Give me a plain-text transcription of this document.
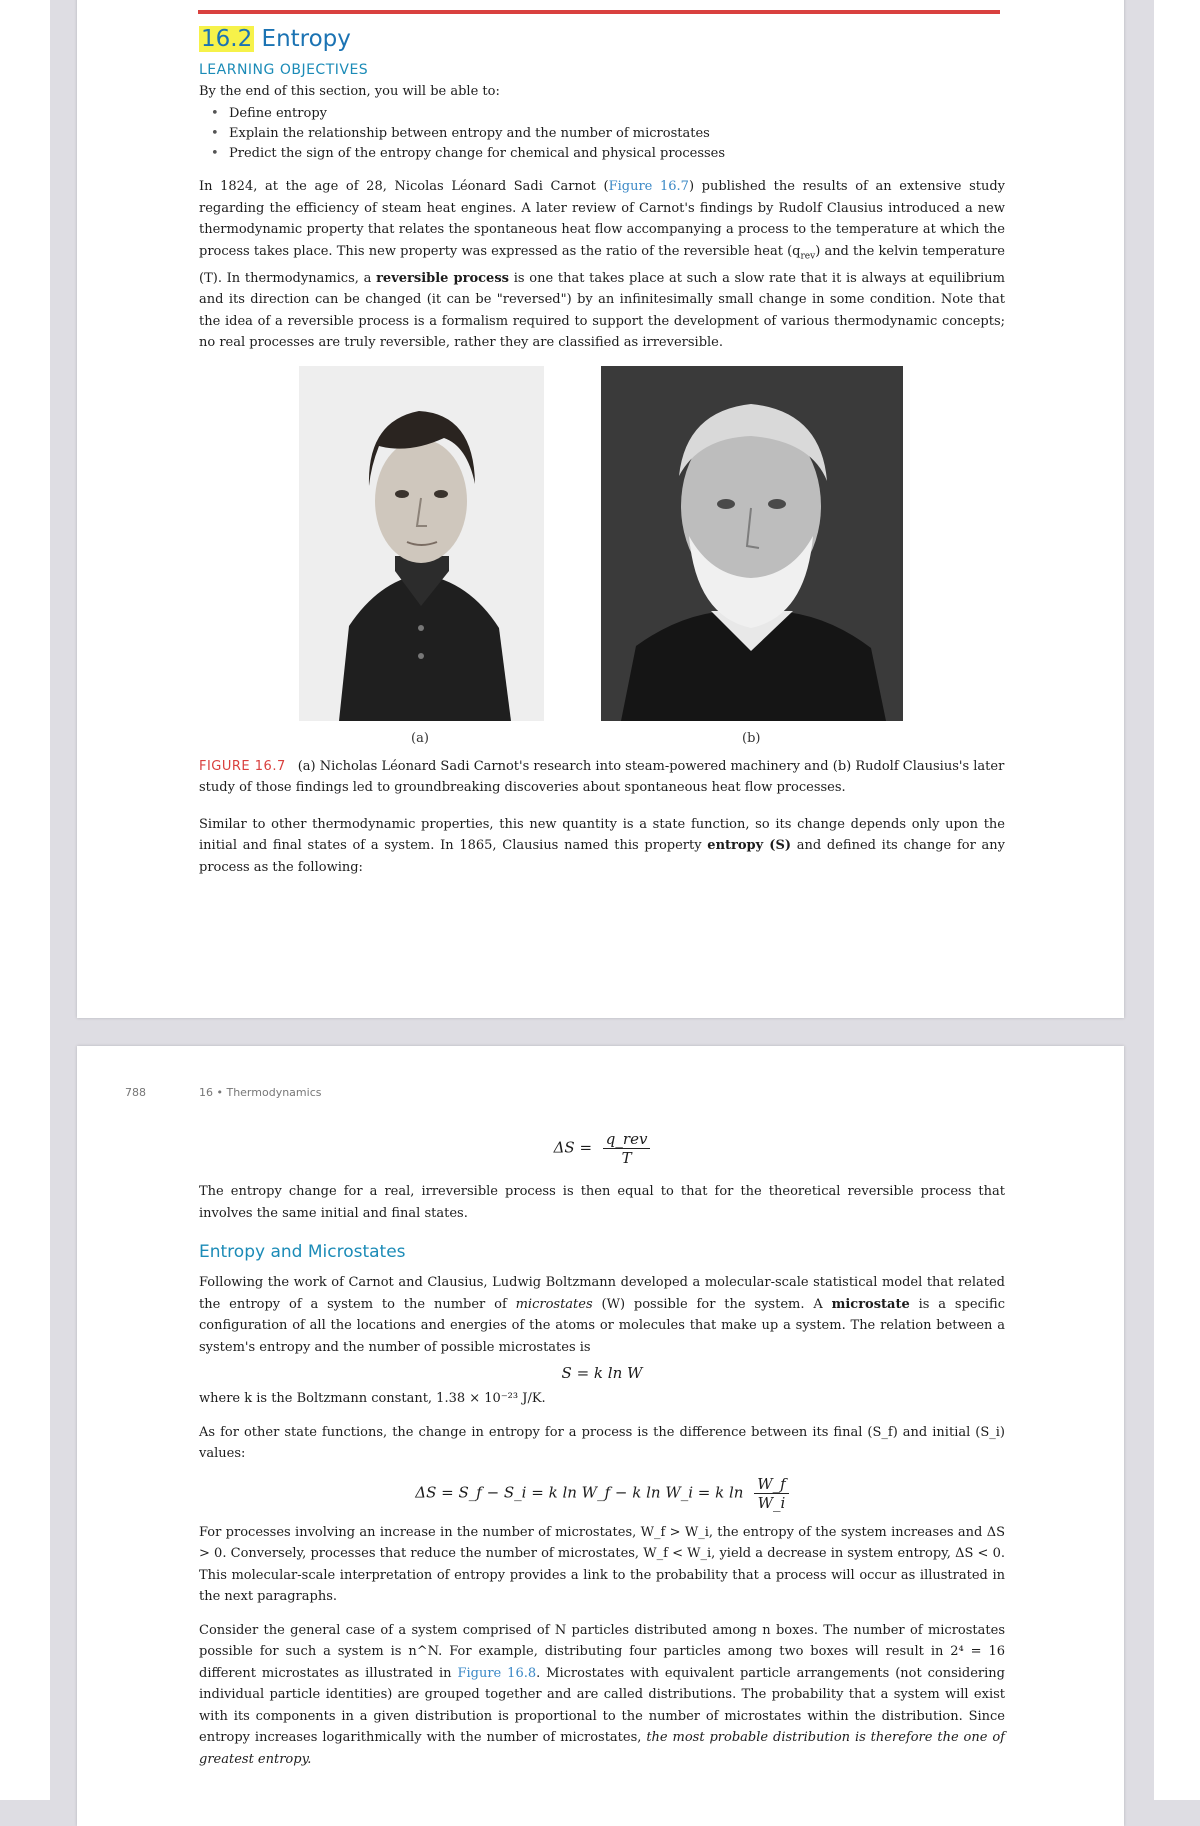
16.2 Entropy
LEARNING OBJECTIVES
By the end of this section, you will be able to:
• Define entropy
• Explain the relationship between entropy and the number of microstates
• Predict the sign of the entropy change for chemical and physical processes

In 1824, at the age of 28, Nicolas Léonard Sadi Carnot (Figure 16.7) published the results of an extensive study regarding the efficiency of steam heat engines. A later review of Carnot's findings by Rudolf Clausius introduced a new thermodynamic property that relates the spontaneous heat flow accompanying a process to the temperature at which the process takes place. This new property was expressed as the ratio of the reversible heat $(q_{rev})$ and the kelvin temperature (T). In thermodynamics, a reversible process is one that takes place at such a slow rate that it is always at equilibrium and its direction can be changed (it can be "reversed") by an infinitesimally small change in some condition. Note that the idea of a reversible process is a formalism required to support the development of various thermodynamic concepts; no real processes are truly reversible, rather they are classified as irreversible.

(a)	(b)

FIGURE 16.7 (a) Nicholas Léonard Sadi Carnot's research into steam-powered machinery and (b) Rudolf Clausius's later study of those findings led to groundbreaking discoveries about spontaneous heat flow processes.

Similar to other thermodynamic properties, this new quantity is a state function, so its change depends only upon the initial and final states of a system. In 1865, Clausius named this property entropy (S) and defined its change for any process as the following:

788	16 • Thermodynamics
$\Delta S = \frac{\text{q\_rev}}{T}$

The entropy change for a real, irreversible process is then equal to that for the theoretical reversible process that involves the same initial and final states.

Entropy and Microstates

Following the work of Carnot and Clausius, Ludwig Boltzmann developed a molecular-scale statistical model that related the entropy of a system to the number of microstates (W) possible for the system. A microstate is a specific configuration of all the locations and energies of the atoms or molecules that make up a system. The relation between a system's entropy and the number of possible microstates is

S = k ln W

where k is the Boltzmann constant, 1.38 × 10⁻²³ J/K.

As for other state functions, the change in entropy for a process is the difference between its final (S_f) and initial (S_i) values:

ΔS = S_f − S_i = k ln W_f − k ln W_i = k $\ln \frac{W\_f}{W\_i}$

For processes involving an increase in the number of microstates, W_f > W_i, the entropy of the system increases and ΔS > 0. Conversely, processes that reduce the number of microstates, W_f < W_i, yield a decrease in system entropy, ΔS < 0. This molecular-scale interpretation of entropy provides a link to the probability that a process will occur as illustrated in the next paragraphs.

Consider the general case of a system comprised of N particles distributed among n boxes. The number of microstates possible for such a system is n^N. For example, distributing four particles among two boxes will result in 2⁴ = 16 different microstates as illustrated in Figure 16.8. Microstates with equivalent particle arrangements (not considering individual particle identities) are grouped together and are called distributions. The probability that a system will exist with its components in a given distribution is proportional to the number of microstates within the distribution. Since entropy increases logarithmically with the number of microstates, the most probable distribution is therefore the one of greatest entropy.
